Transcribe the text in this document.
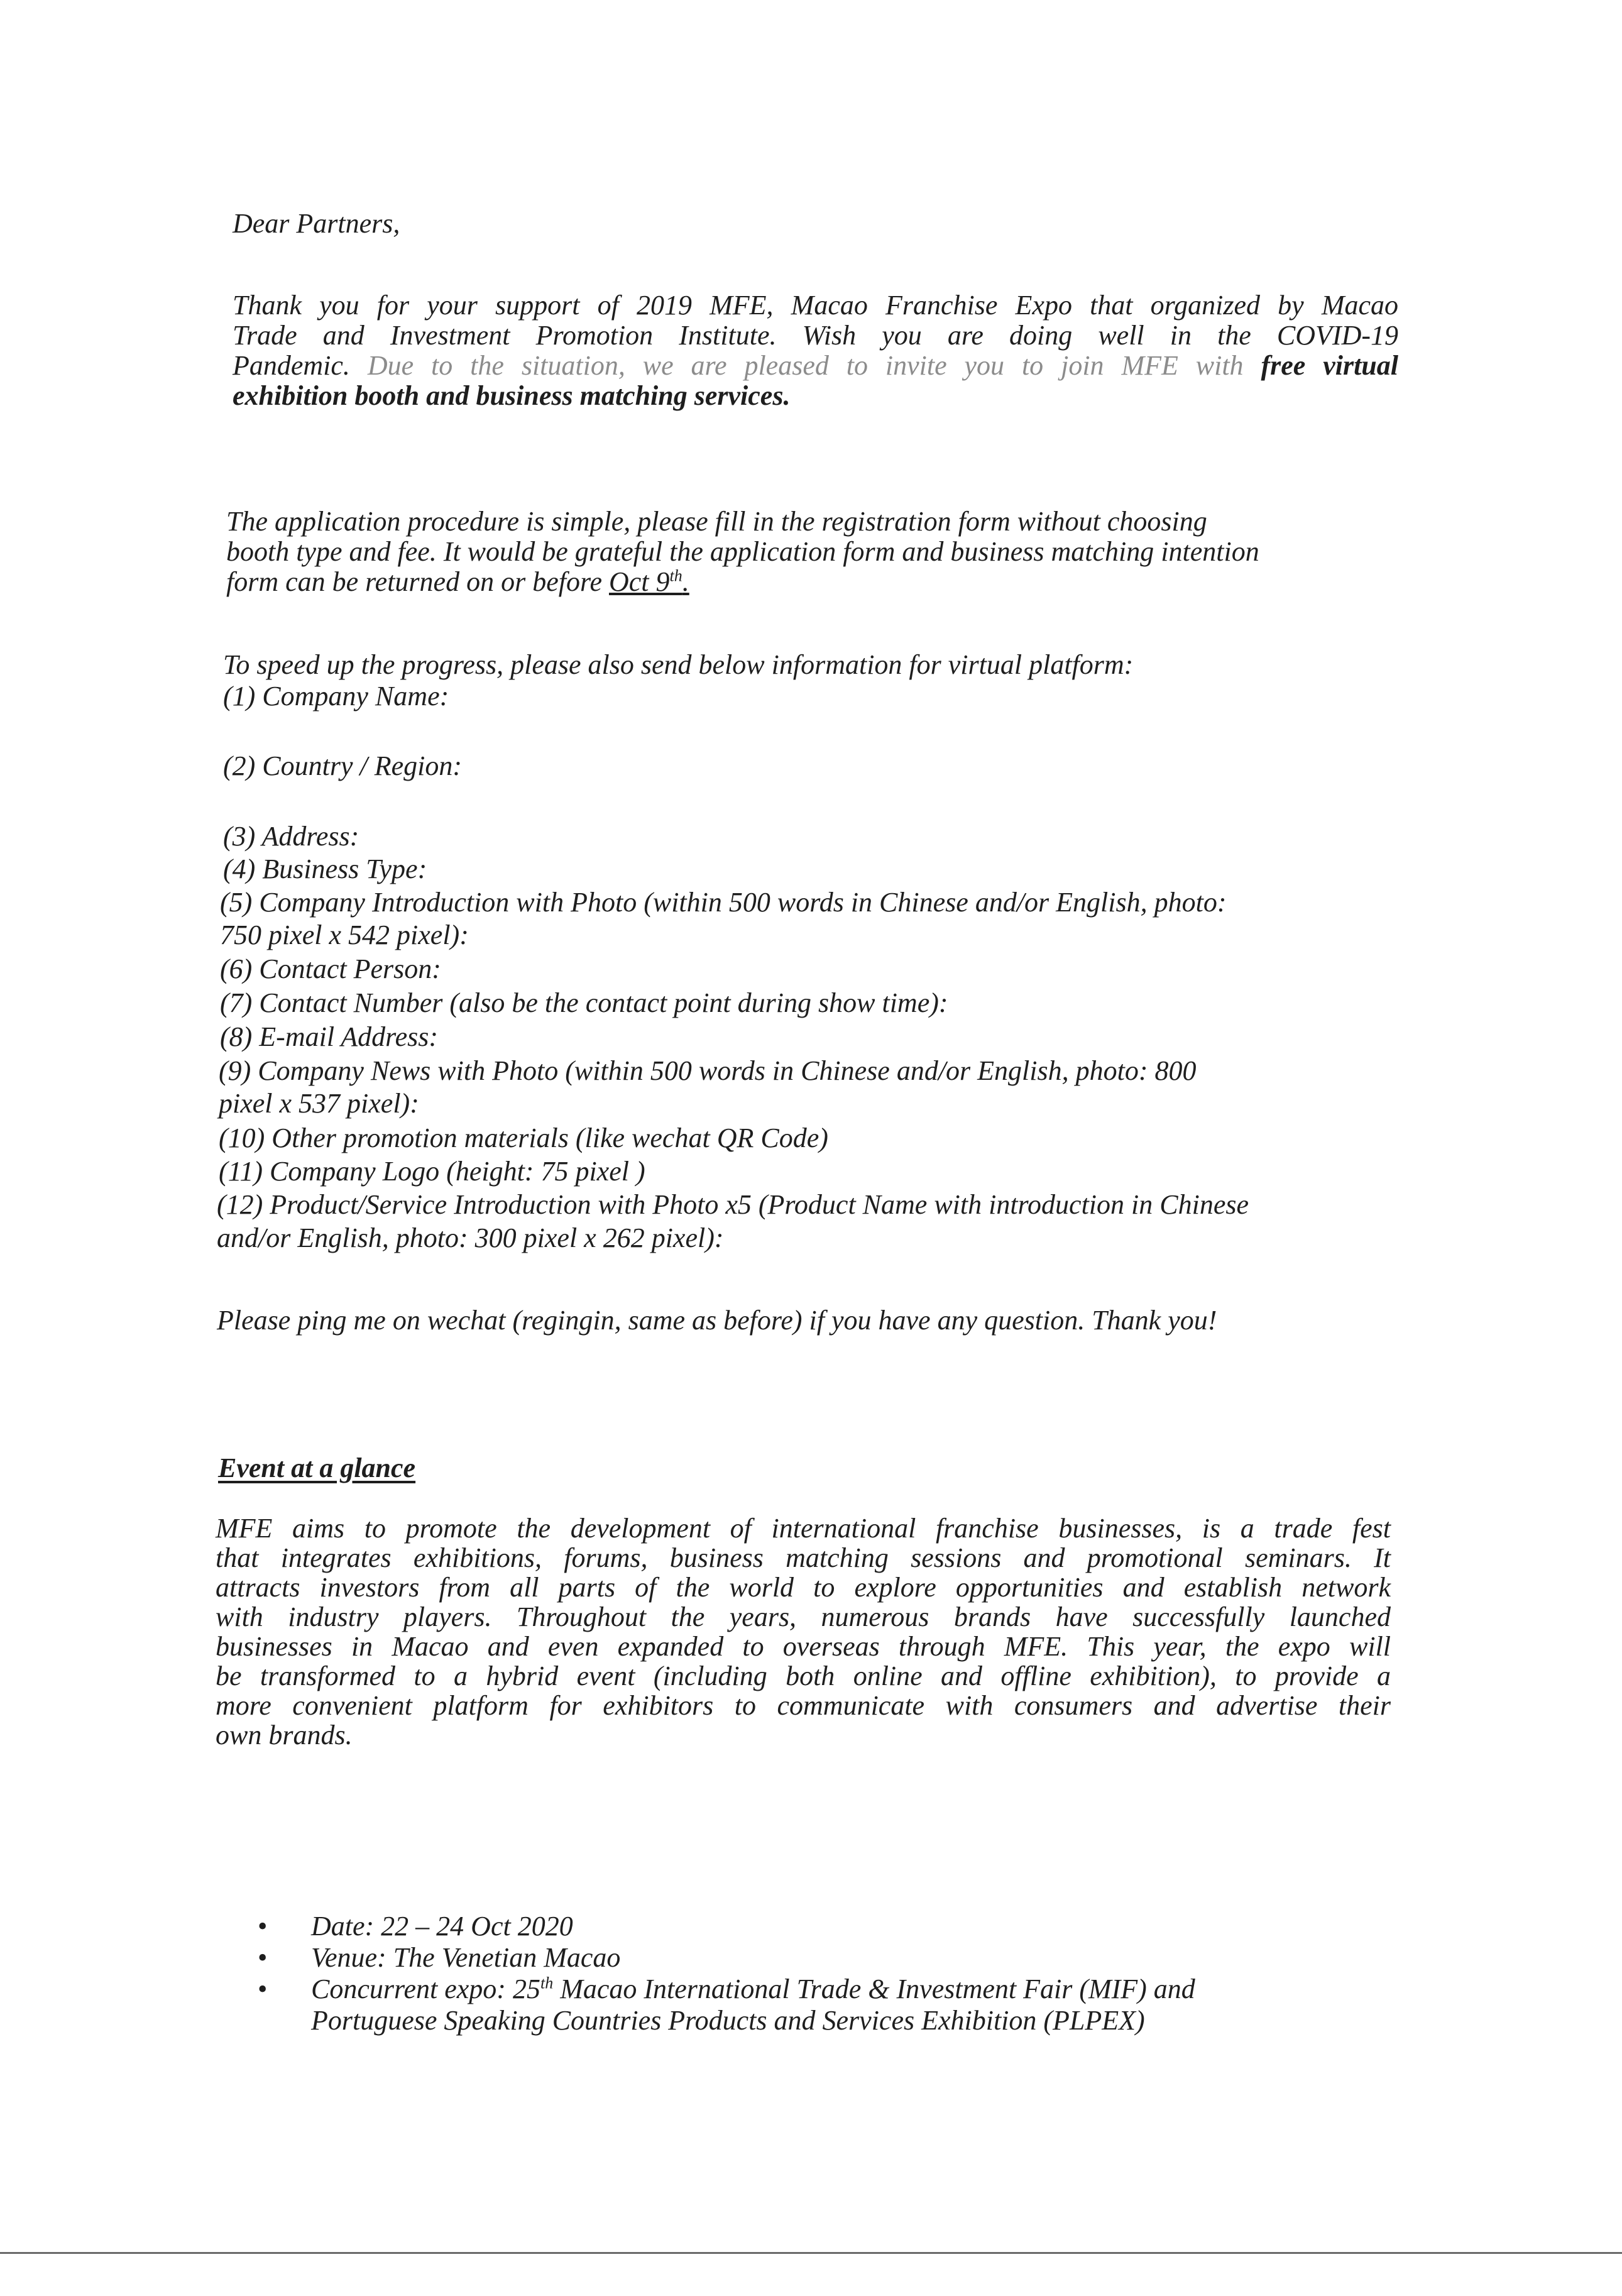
Dear Partners,

Thank you for your support of 2019 MFE, Macao Franchise Expo that organized by Macao
Trade and Investment Promotion Institute. Wish you are doing well in the COVID-19
Pandemic. Due to the situation, we are pleased to invite you to join MFE with free virtual
exhibition booth and business matching services.
The application procedure is simple, please fill in the registration form without choosing
booth type and fee. It would be grateful the application form and business matching intention
form can be returned on or before Oct 9th.

To speed up the progress, please also send below information for virtual platform:

(1) Company Name:

(2) Country / Region:

(3) Address:

(4) Business Type:

(5) Company Introduction with Photo (within 500 words in Chinese and/or English, photo:

750 pixel x 542 pixel):

(6) Contact Person:

(7) Contact Number (also be the contact point during show time):

(8) E-mail Address:

(9) Company News with Photo (within 500 words in Chinese and/or English, photo: 800

pixel x 537 pixel):

(10) Other promotion materials (like wechat QR Code)

(11) Company Logo (height: 75 pixel )

(12) Product/Service Introduction with Photo x5 (Product Name with introduction in Chinese

and/or English, photo: 300 pixel x 262 pixel):

Please ping me on wechat (regingin, same as before) if you have any question. Thank you!

Event at a glance
MFE aims to promote the development of international franchise businesses, is a trade fest
that integrates exhibitions, forums, business matching sessions and promotional seminars. It
attracts investors from all parts of the world to explore opportunities and establish network
with industry players. Throughout the years, numerous brands have successfully launched
businesses in Macao and even expanded to overseas through MFE. This year, the expo will
be transformed to a hybrid event (including both online and offline exhibition), to provide a
more convenient platform for exhibitors to communicate with consumers and advertise their
own brands.
• Date: 22 – 24 Oct 2020
• Venue: The Venetian Macao
• Concurrent expo: 25th Macao International Trade & Investment Fair (MIF) and
Portuguese Speaking Countries Products and Services Exhibition (PLPEX)
